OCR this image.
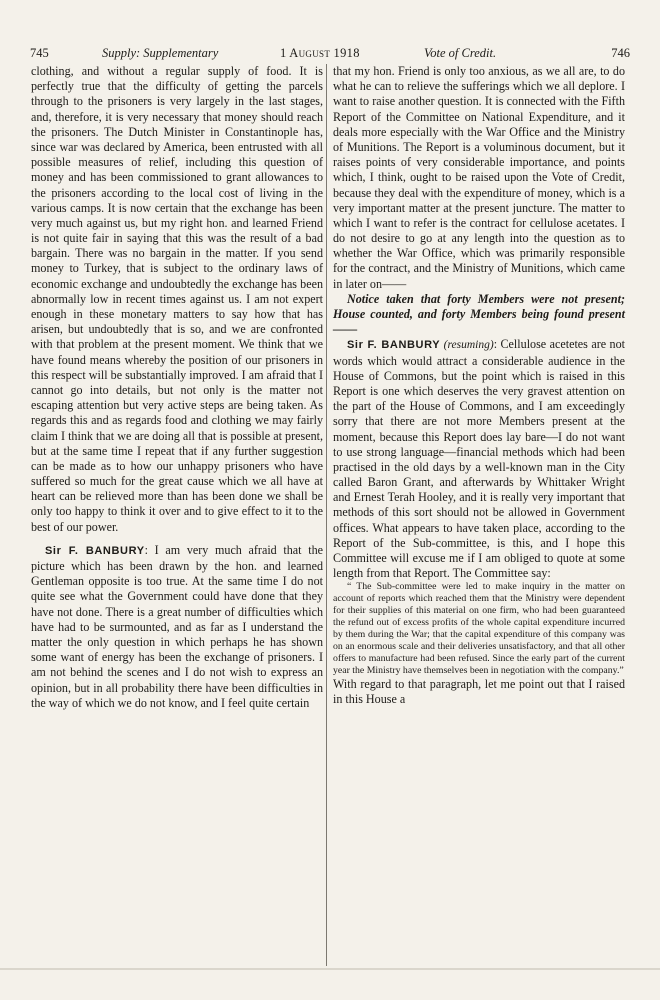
745	Supply: Supplementary	1 August 1918	Vote of Credit.	746

clothing, and without a regular supply of food. It is perfectly true that the difficulty of getting the parcels through to the prisoners is very largely in the last stages, and, therefore, it is very necessary that money should reach the prisoners. The Dutch Minister in Constantinople has, since war was declared by America, been entrusted with all possible measures of relief, including this question of money and has been commissioned to grant allowances to the prisoners according to the local cost of living in the various camps. It is now certain that the exchange has been very much against us, but my right hon. and learned Friend is not quite fair in saying that this was the result of a bad bargain. There was no bargain in the matter. If you send money to Turkey, that is subject to the ordinary laws of economic exchange and undoubtedly the exchange has been abnormally low in recent times against us. I am not expert enough in these monetary matters to say how that has arisen, but undoubtedly that is so, and we are confronted with that problem at the present moment. We think that we have found means whereby the position of our prisoners in this respect will be substantially improved. I am afraid that I cannot go into details, but not only is the matter not escaping attention but very active steps are being taken. As regards this and as regards food and clothing we may fairly claim I think that we are doing all that is possible at present, but at the same time I repeat that if any further suggestion can be made as to how our unhappy prisoners who have suffered so much for the great cause which we all have at heart can be relieved more than has been done we shall be only too happy to think it over and to give effect to it to the best of our power.

Sir F. BANBURY: I am very much afraid that the picture which has been drawn by the hon. and learned Gentleman opposite is too true. At the same time I do not quite see what the Government could have done that they have not done. There is a great number of difficulties which have had to be surmounted, and as far as I understand the matter the only question in which perhaps he has shown some want of energy has been the exchange of prisoners. I am not behind the scenes and I do not wish to express an opinion, but in all probability there have been difficulties in the way of which we do not know, and I feel quite certain

that my hon. Friend is only too anxious, as we all are, to do what he can to relieve the sufferings which we all deplore. I want to raise another question. It is connected with the Fifth Report of the Committee on National Expenditure, and it deals more especially with the War Office and the Ministry of Munitions. The Report is a voluminous document, but it raises points of very considerable importance, and points which, I think, ought to be raised upon the Vote of Credit, because they deal with the expenditure of money, which is a very important matter at the present juncture. The matter to which I want to refer is the contract for cellulose acetates. I do not desire to go at any length into the question as to whether the War Office, which was primarily responsible for the contract, and the Ministry of Munitions, which came in later on——

Notice taken that forty Members were not present; House counted, and forty Members being found present——

Sir F. BANBURY (resuming): Cellulose acetetes are not words which would attract a considerable audience in the House of Commons, but the point which is raised in this Report is one which deserves the very gravest attention on the part of the House of Commons, and I am exceedingly sorry that there are not more Members present at the moment, because this Report does lay bare—I do not want to use strong language—financial methods which had been practised in the old days by a well-known man in the City called Baron Grant, and afterwards by Whittaker Wright and Ernest Terah Hooley, and it is really very important that methods of this sort should not be allowed in Government offices. What appears to have taken place, according to the Report of the Sub-committee, is this, and I hope this Committee will excuse me if I am obliged to quote at some length from that Report. The Committee say:

“ The Sub-committee were led to make inquiry in the matter on account of reports which reached them that the Ministry were dependent for their supplies of this material on one firm, who had been guaranteed the refund out of excess profits of the whole capital expenditure incurred by them during the War; that the capital expenditure of this company was on an enormous scale and their deliveries unsatisfactory, and that all other offers to manufacture had been refused. Since the early part of the current year the Ministry have themselves been in negotiation with the company.”

With regard to that paragraph, let me point out that I raised in this House a
